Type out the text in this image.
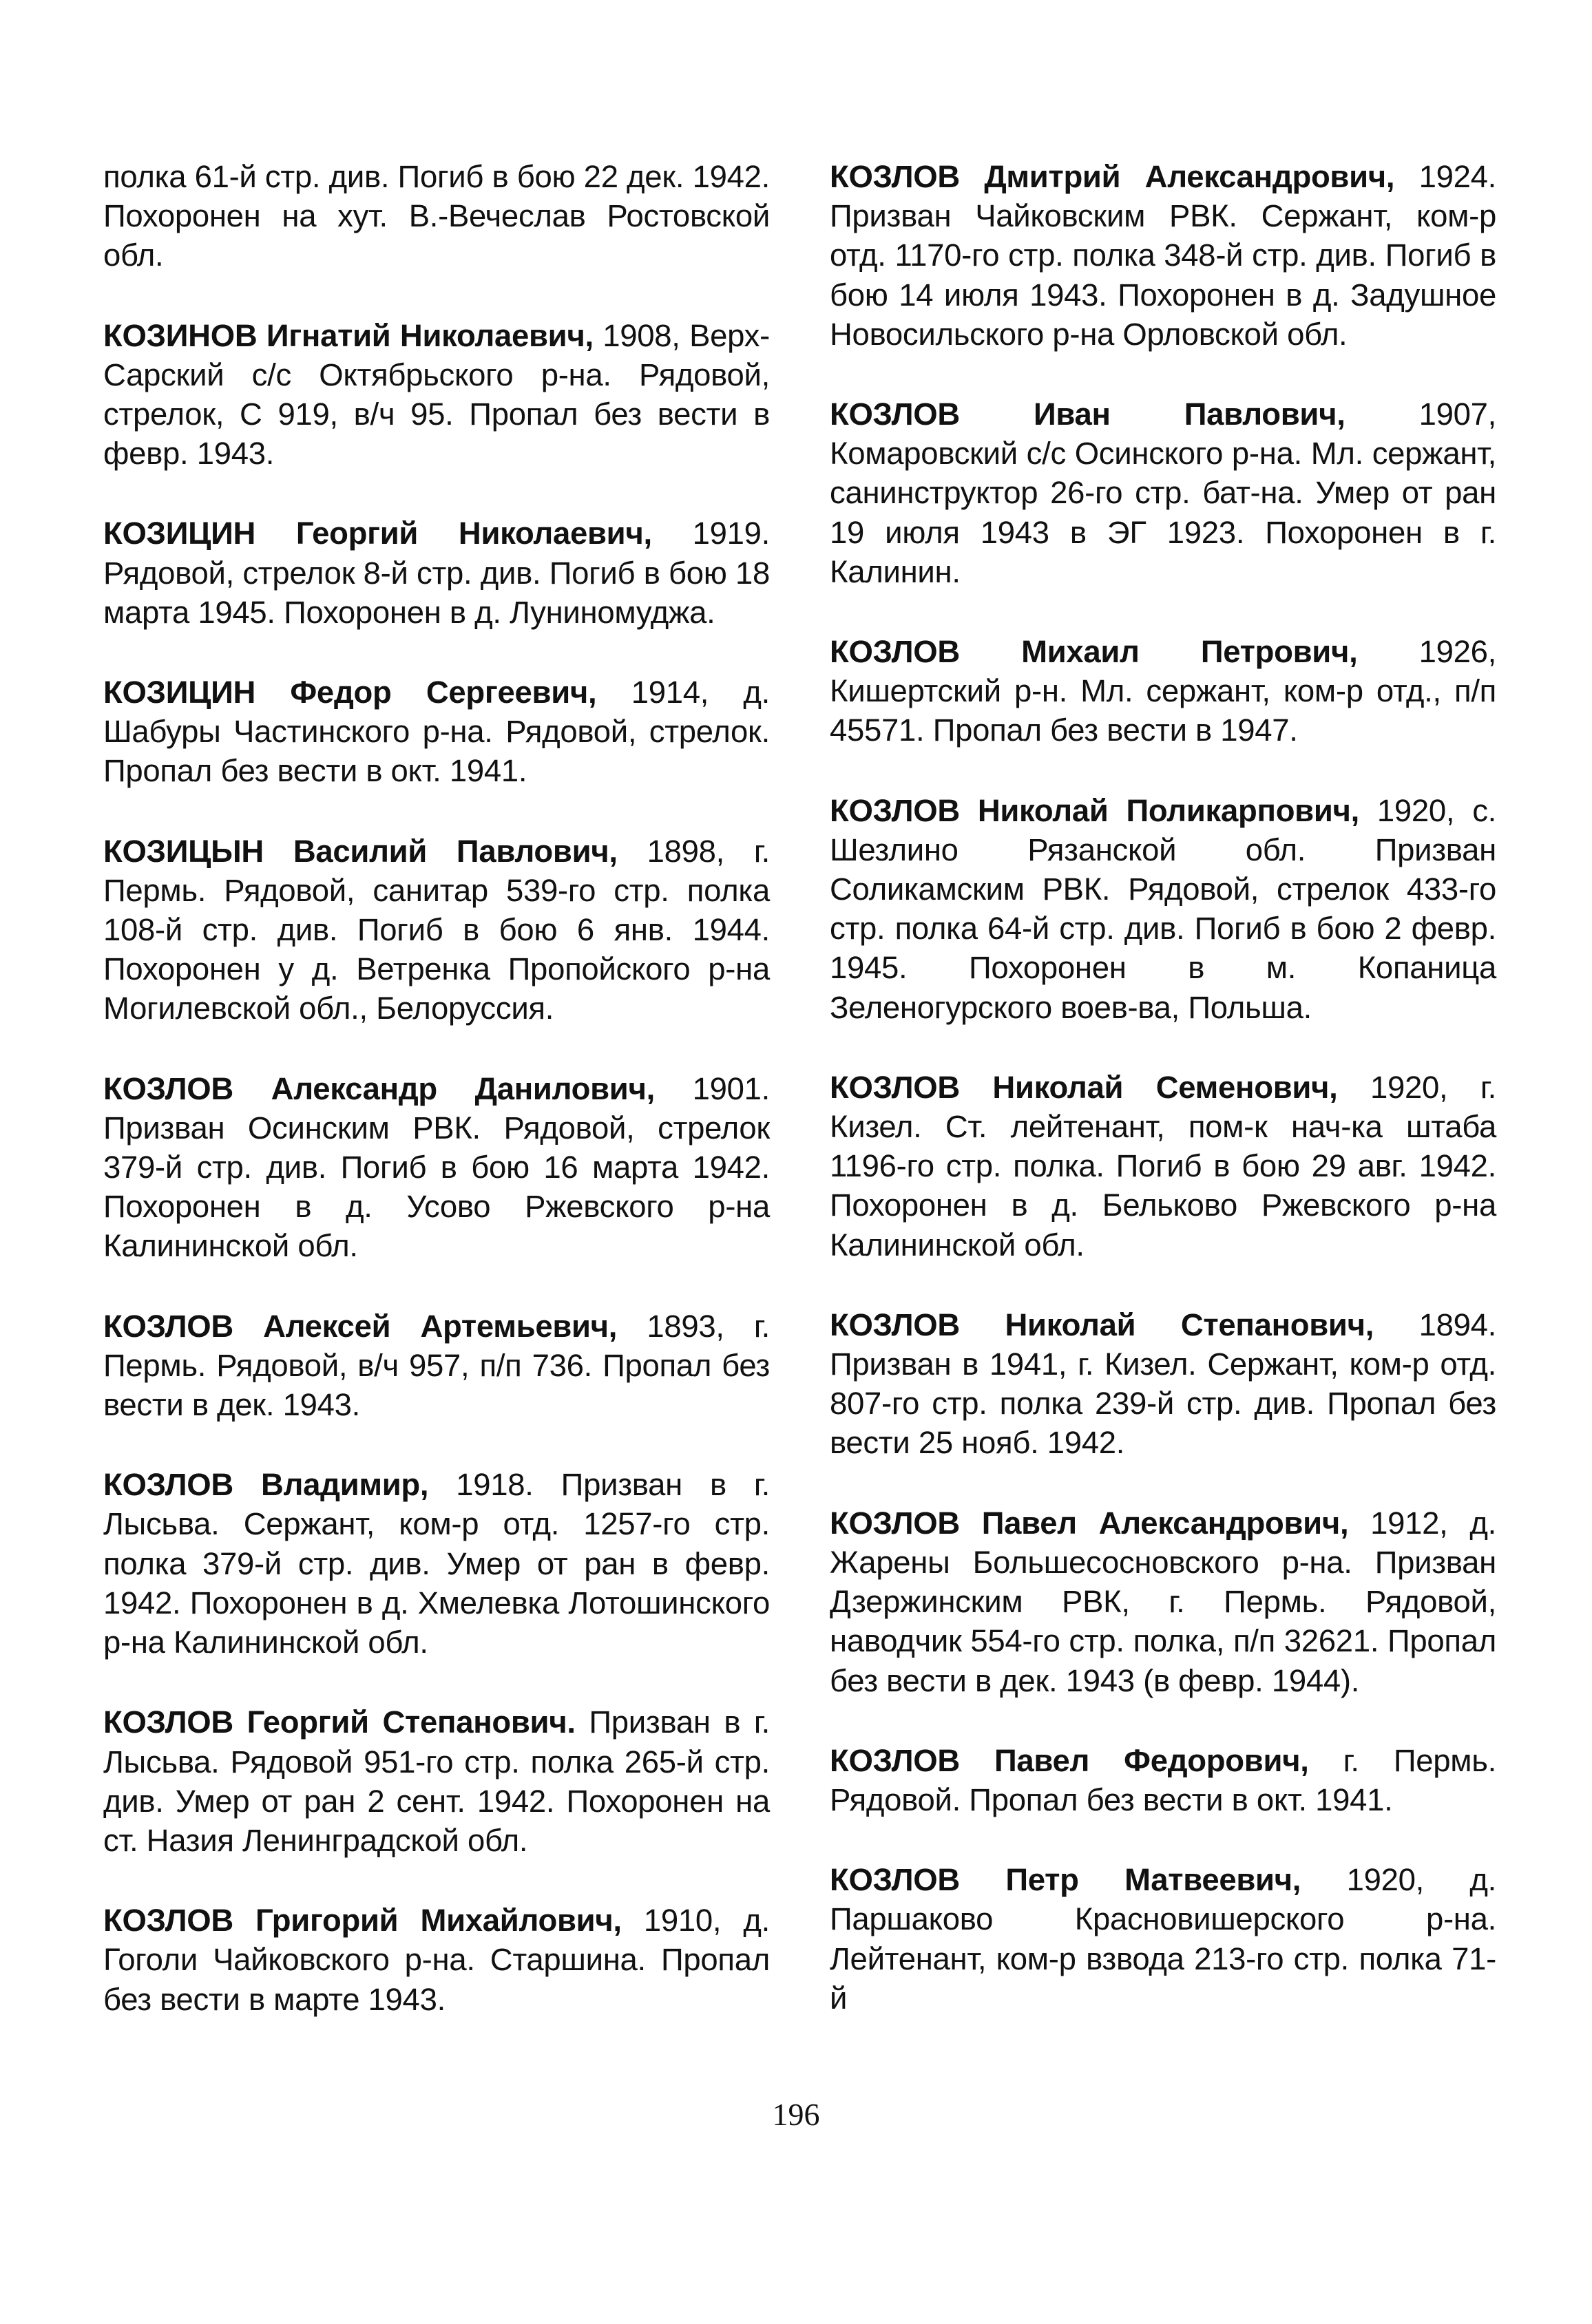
полка 61-й стр. див. Погиб в бою 22 дек. 1942. Похоронен на хут. В.-Вечеслав Ростовской обл.

КОЗИНОВ Игнатий Николаевич, 1908, Верх-Сарский с/с Октябрьского р-на. Рядовой, стрелок, С 919, в/ч 95. Пропал без вести в февр. 1943.

КОЗИЦИН Георгий Николаевич, 1919. Рядовой, стрелок 8-й стр. див. Погиб в бою 18 марта 1945. Похоронен в д. Луниномуджа.

КОЗИЦИН Федор Сергеевич, 1914, д. Шабуры Частинского р-на. Рядовой, стрелок. Пропал без вести в окт. 1941.

КОЗИЦЫН Василий Павлович, 1898, г. Пермь. Рядовой, санитар 539-го стр. полка 108-й стр. див. Погиб в бою 6 янв. 1944. Похоронен у д. Ветренка Пропойского р-на Могилевской обл., Белоруссия.

КОЗЛОВ Александр Данилович, 1901. Призван Осинским РВК. Рядовой, стрелок 379-й стр. див. Погиб в бою 16 марта 1942. Похоронен в д. Усово Ржевского р-на Калининской обл.

КОЗЛОВ Алексей Артемьевич, 1893, г. Пермь. Рядовой, в/ч 957, п/п 736. Пропал без вести в дек. 1943.

КОЗЛОВ Владимир, 1918. Призван в г. Лысьва. Сержант, ком-р отд. 1257-го стр. полка 379-й стр. див. Умер от ран в февр. 1942. Похоронен в д. Хмелевка Лотошинского р-на Калининской обл.

КОЗЛОВ Георгий Степанович. Призван в г. Лысьва. Рядовой 951-го стр. полка 265-й стр. див. Умер от ран 2 сент. 1942. Похоронен на ст. Назия Ленинградской обл.

КОЗЛОВ Григорий Михайлович, 1910, д. Гоголи Чайковского р-на. Старшина. Пропал без вести в марте 1943.

КОЗЛОВ Дмитрий Александрович, 1924. Призван Чайковским РВК. Сержант, ком-р отд. 1170-го стр. полка 348-й стр. див. Погиб в бою 14 июля 1943. Похоронен в д. Задушное Новосильского р-на Орловской обл.

КОЗЛОВ Иван Павлович, 1907, Комаровский с/с Осинского р-на. Мл. сержант, санинструктор 26-го стр. бат-на. Умер от ран 19 июля 1943 в ЭГ 1923. Похоронен в г. Калинин.

КОЗЛОВ Михаил Петрович, 1926, Кишертский р-н. Мл. сержант, ком-р отд., п/п 45571. Пропал без вести в 1947.

КОЗЛОВ Николай Поликарпович, 1920, с. Шезлино Рязанской обл. Призван Соликамским РВК. Рядовой, стрелок 433-го стр. полка 64-й стр. див. Погиб в бою 2 февр. 1945. Похоронен в м. Копаница Зеленогурского воев-ва, Польша.

КОЗЛОВ Николай Семенович, 1920, г. Кизел. Ст. лейтенант, пом-к нач-ка штаба 1196-го стр. полка. Погиб в бою 29 авг. 1942. Похоронен в д. Бельково Ржевского р-на Калининской обл.

КОЗЛОВ Николай Степанович, 1894. Призван в 1941, г. Кизел. Сержант, ком-р отд. 807-го стр. полка 239-й стр. див. Пропал без вести 25 нояб. 1942.

КОЗЛОВ Павел Александрович, 1912, д. Жарены Большесосновского р-на. Призван Дзержинским РВК, г. Пермь. Рядовой, наводчик 554-го стр. полка, п/п 32621. Пропал без вести в дек. 1943 (в февр. 1944).

КОЗЛОВ Павел Федорович, г. Пермь. Рядовой. Пропал без вести в окт. 1941.

КОЗЛОВ Петр Матвеевич, 1920, д. Паршаково Красновишерского р-на. Лейтенант, ком-р взвода 213-го стр. полка 71-й

196
